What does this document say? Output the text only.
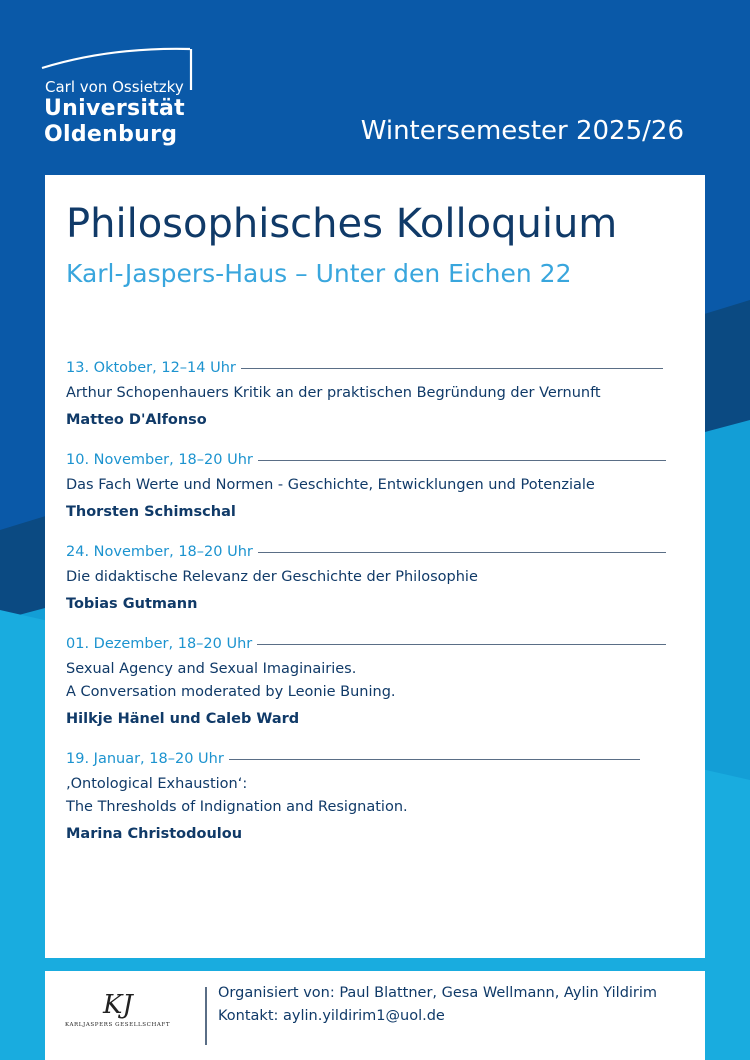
Carl von Ossietzky
Universität
Oldenburg	Wintersemester 2025/26
Philosophisches Kolloquium
Karl-Jaspers-Haus – Unter den Eichen 22
13. Oktober, 12–14 Uhr
Arthur Schopenhauers Kritik an der praktischen Begründung der Vernunft
Matteo D'Alfonso
10. November, 18–20 Uhr
Das Fach Werte und Normen - Geschichte, Entwicklungen und Potenziale
Thorsten Schimschal
24. November, 18–20 Uhr
Die didaktische Relevanz der Geschichte der Philosophie
Tobias Gutmann
01. Dezember, 18–20 Uhr
Sexual Agency and Sexual Imaginairies.
A Conversation moderated by Leonie Buning.
Hilkje Hänel und Caleb Ward
19. Januar, 18–20 Uhr
‚Ontological Exhaustion‘:
The Thresholds of Indignation and Resignation.
Marina Christodoulou
KJ
KARLJASPERS GESELLSCHAFT
Organisiert von: Paul Blattner, Gesa Wellmann, Aylin Yildirim
Kontakt: aylin.yildirim1@uol.de
